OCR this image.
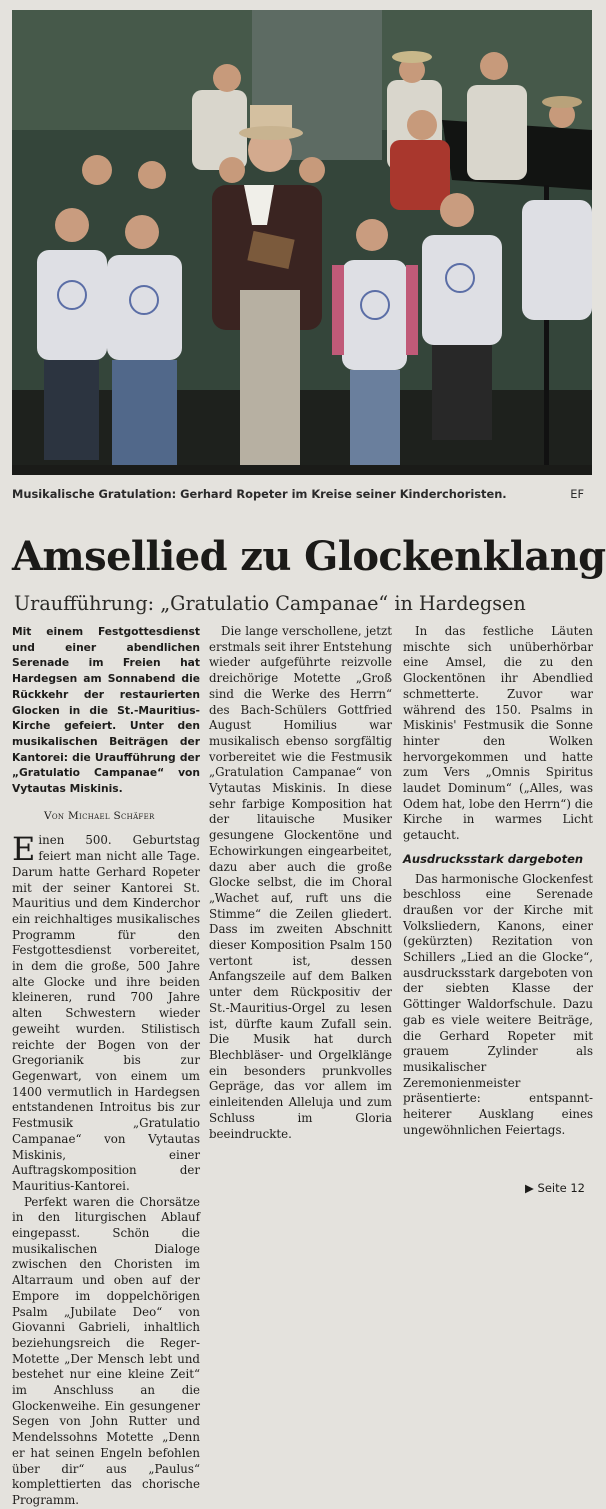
Musikalische Gratulation: Gerhard Ropeter im Kreise seiner Kinderchoristen.	EF
Amsellied zu Glockenklang
Uraufführung: „Gratulatio Campanae“ in Hardegsen

Mit einem Festgottesdienst und einer abendlichen Serenade im Freien hat Hardegsen am Sonnabend die Rückkehr der restaurierten Glocken in die St.-Mauritius-Kirche gefeiert. Unter den musikalischen Beiträgen der Kantorei: die Uraufführung der „Gratulatio Campanae“ von Vytautas Miskinis.

Von Michael Schäfer

Einen 500. Geburtstag feiert man nicht alle Tage. Darum hatte Gerhard Ropeter mit der seiner Kantorei St. Mauritius und dem Kinderchor ein reichhaltiges musikalisches Programm für den Festgottesdienst vorbereitet, in dem die große, 500 Jahre alte Glocke und ihre beiden kleineren, rund 700 Jahre alten Schwestern wieder geweiht wurden. Stilistisch reichte der Bogen von der Gregorianik bis zur Gegenwart, von einem um 1400 vermutlich in Hardegsen entstandenen Introitus bis zur Festmusik „Gratulatio Campanae“ von Vytautas Miskinis, einer Auftragskomposition der Mauritius-Kantorei.

Perfekt waren die Chorsätze in den liturgischen Ablauf eingepasst. Schön die musikalischen Dialoge zwischen den Choristen im Altarraum und oben auf der Empore im doppelchörigen Psalm „Jubilate Deo“ von Giovanni Gabrieli, inhaltlich beziehungsreich die Reger-Motette „Der Mensch lebt und bestehet nur eine kleine Zeit“ im Anschluss an die Glockenweihe. Ein gesungener Segen von John Rutter und Mendelssohns Motette „Denn er hat seinen Engeln befohlen über dir“ aus „Paulus“ komplettierten das chorische Programm.

Die lange verschollene, jetzt erstmals seit ihrer Entstehung wieder aufgeführte reizvolle dreichörige Motette „Groß sind die Werke des Herrn“ des Bach-Schülers Gottfried August Homilius war musikalisch ebenso sorgfältig vorbereitet wie die Festmusik „Gratulation Campanae“ von Vytautas Miskinis. In diese sehr farbige Komposition hat der litauische Musiker gesungene Glockentöne und Echowirkungen eingearbeitet, dazu aber auch die große Glocke selbst, die im Choral „Wachet auf, ruft uns die Stimme“ die Zeilen gliedert. Dass im zweiten Abschnitt dieser Komposition Psalm 150 vertont ist, dessen Anfangszeile auf dem Balken unter dem Rückpositiv der St.-Mauritius-Orgel zu lesen ist, dürfte kaum Zufall sein. Die Musik hat durch Blechbläser- und Orgelklänge ein besonders prunkvolles Gepräge, das vor allem im einleitenden Alleluja und zum Schluss im Gloria beeindruckte.

In das festliche Läuten mischte sich unüberhörbar eine Amsel, die zu den Glockentönen ihr Abendlied schmetterte. Zuvor war während des 150. Psalms in Miskinis' Festmusik die Sonne hinter den Wolken hervorgekommen und hatte zum Vers „Omnis Spiritus laudet Dominum“ („Alles, was Odem hat, lobe den Herrn“) die Kirche in warmes Licht getaucht.

Ausdrucksstark dargeboten

Das harmonische Glockenfest beschloss eine Serenade draußen vor der Kirche mit Volksliedern, Kanons, einer (gekürzten) Rezitation von Schillers „Lied an die Glocke“, ausdrucksstark dargeboten von der siebten Klasse der Göttinger Waldorfschule. Dazu gab es viele weitere Beiträge, die Gerhard Ropeter mit grauem Zylinder als musikalischer Zeremonienmeister präsentierte: entspannt-heiterer Ausklang eines ungewöhnlichen Feiertags.

▶ Seite 12
